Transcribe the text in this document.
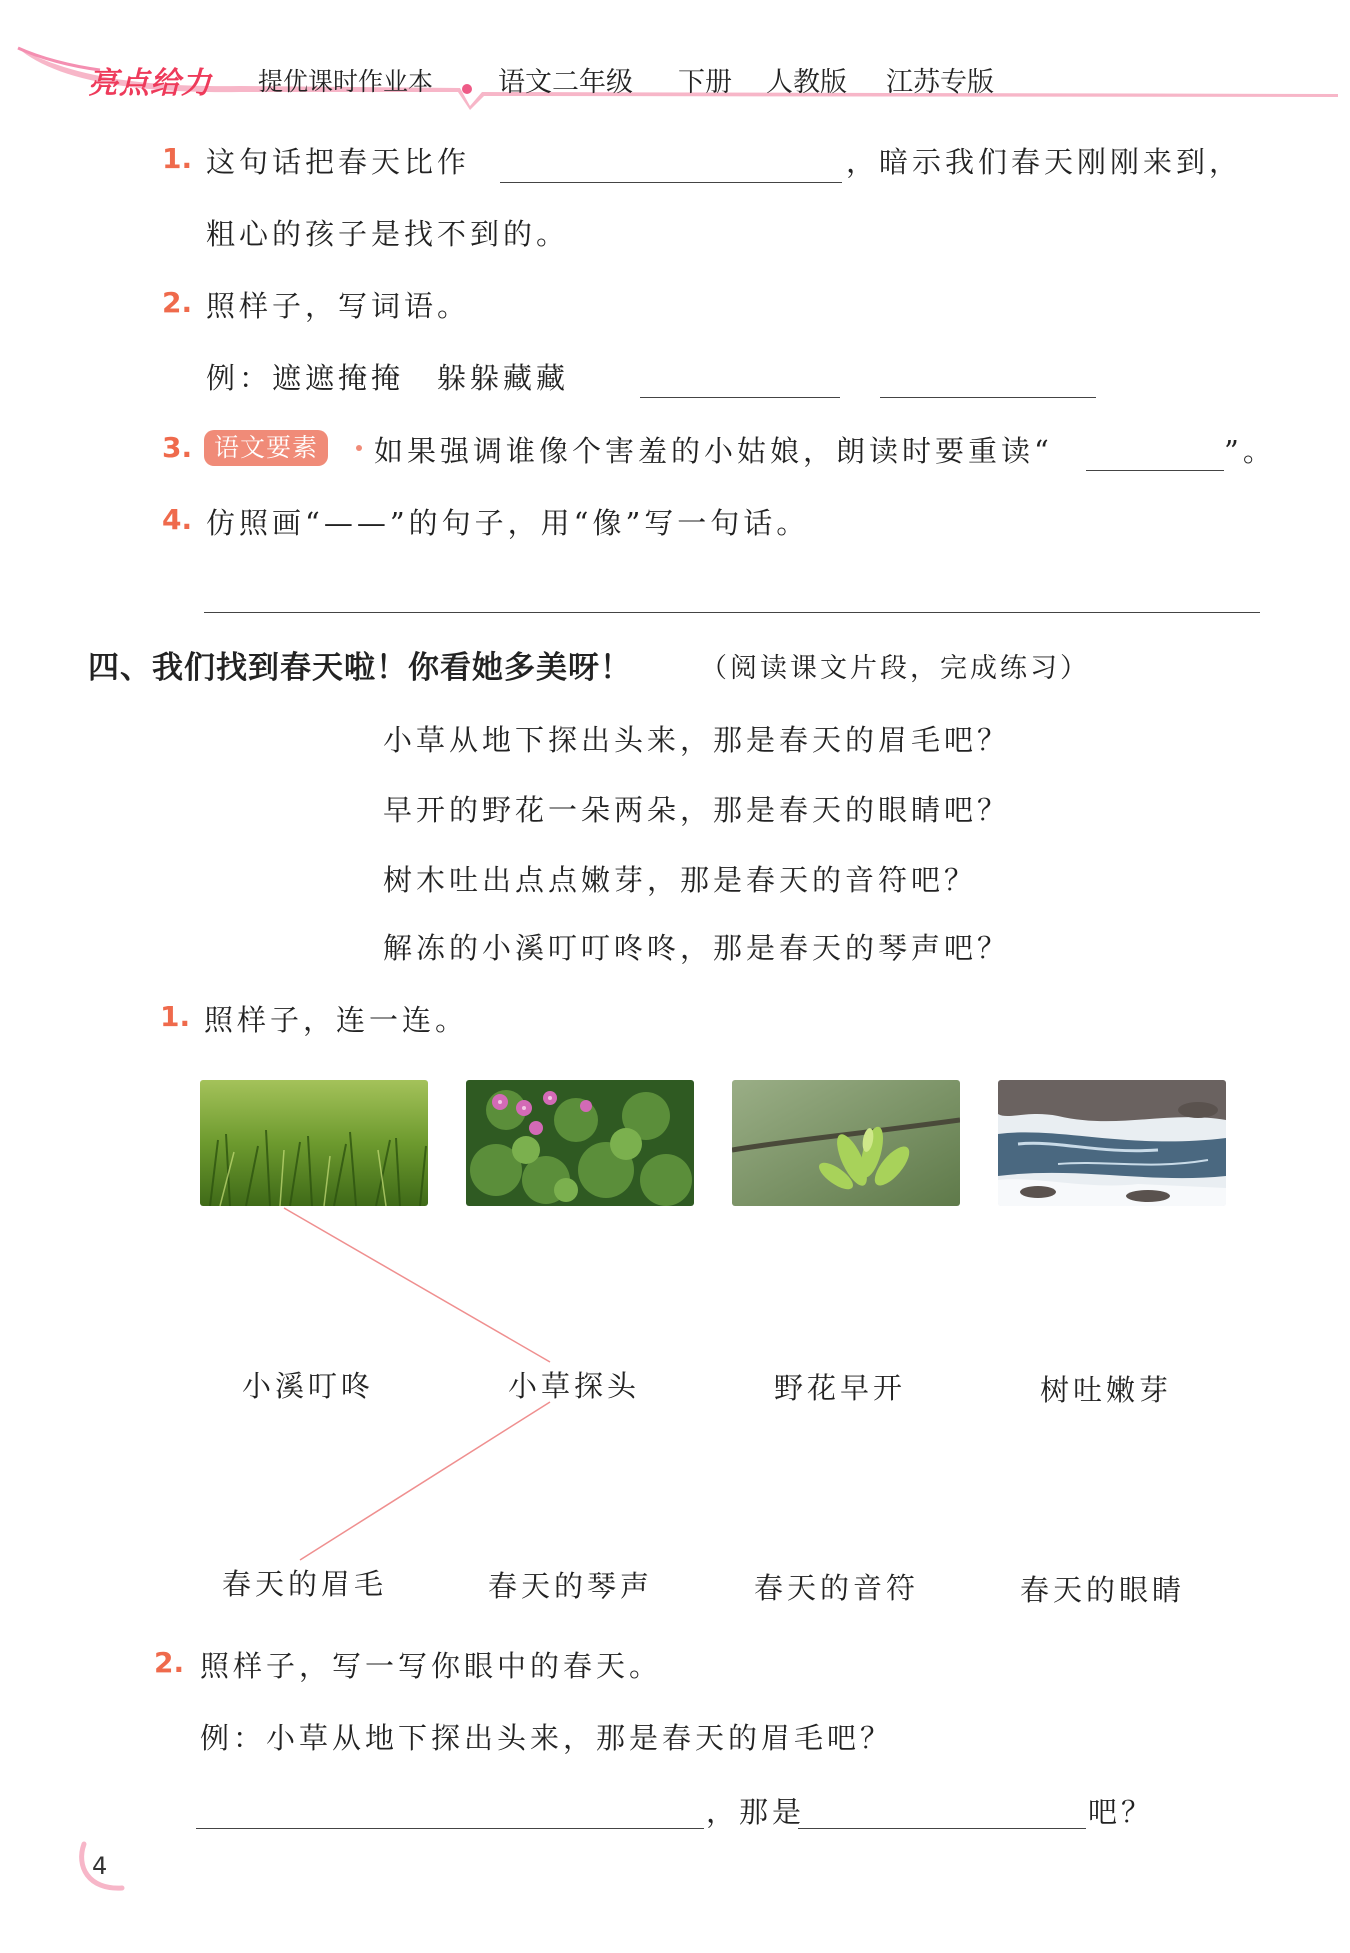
亮点给力 提优课时作业本 语文二年级 下册 人教版 江苏专版
1. 这句话把春天比作	，暗示我们春天刚刚来到，
粗心的孩子是找不到的。
2. 照样子，写词语。
例：遮遮掩掩　躲躲藏藏
3. 语文要素	如果强调谁像个害羞的小姑娘，朗读时要重读“	”。
4. 仿照画“——”的句子，用“像”写一句话。
四、我们找到春天啦！你看她多美呀！	（阅读课文片段，完成练习）
小草从地下探出头来，那是春天的眉毛吧？
早开的野花一朵两朵，那是春天的眼睛吧？
树木吐出点点嫩芽，那是春天的音符吧？
解冻的小溪叮叮咚咚，那是春天的琴声吧？
1. 照样子，连一连。
小溪叮咚	小草探头	野花早开	树吐嫩芽
春天的眉毛	春天的琴声	春天的音符	春天的眼睛
2. 照样子，写一写你眼中的春天。
例：小草从地下探出头来，那是春天的眉毛吧？
，那是	吧？
4
